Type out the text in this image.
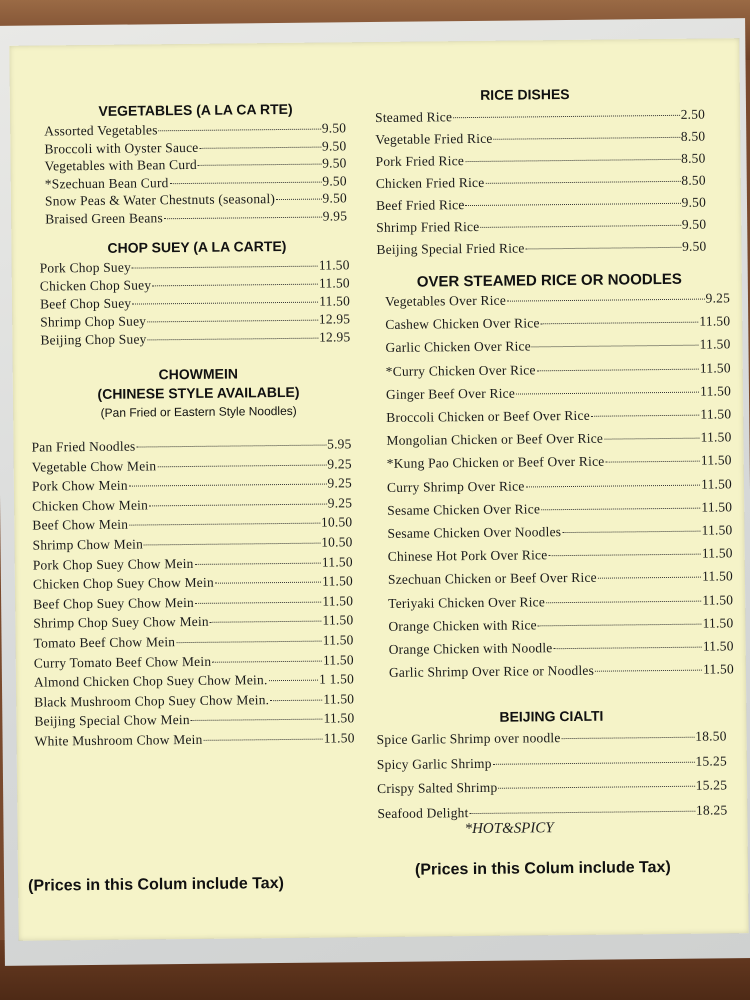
VEGETABLES (A LA CA RTE)
Assorted Vegetables	9.50
Broccoli with Oyster Sauce	9.50
Vegetables with Bean Curd	9.50
*Szechuan Bean Curd	9.50
Snow Peas & Water Chestnuts (seasonal)	9.50
Braised Green Beans	9.95
CHOP SUEY (A LA CARTE)
Pork Chop Suey	11.50
Chicken Chop Suey	11.50
Beef Chop Suey	11.50
Shrimp Chop Suey	12.95
Beijing Chop Suey	12.95
CHOWMEIN
(CHINESE STYLE AVAILABLE)
(Pan Fried or Eastern Style Noodles)
Pan Fried Noodles	5.95
Vegetable Chow Mein	9.25
Pork Chow Mein	9.25
Chicken Chow Mein	9.25
Beef Chow Mein	10.50
Shrimp Chow Mein	10.50
Pork Chop Suey Chow Mein	11.50
Chicken Chop Suey Chow Mein	11.50
Beef Chop Suey Chow Mein	11.50
Shrimp Chop Suey Chow Mein	11.50
Tomato Beef Chow Mein	11.50
Curry Tomato Beef Chow Mein	11.50
Almond Chicken Chop Suey Chow Mein.	1 1.50
Black Mushroom Chop Suey Chow Mein.	11.50
Beijing Special Chow Mein	11.50
White Mushroom Chow Mein	11.50
(Prices in this Colum include Tax)
RICE DISHES
Steamed Rice	2.50
Vegetable Fried Rice	8.50
Pork Fried Rice	8.50
Chicken Fried Rice	8.50
Beef Fried Rice	9.50
Shrimp Fried Rice	9.50
Beijing Special Fried Rice	9.50
OVER STEAMED RICE OR NOODLES
Vegetables Over Rice	9.25
Cashew Chicken Over Rice	11.50
Garlic Chicken Over Rice	11.50
*Curry Chicken Over Rice	11.50
Ginger Beef Over Rice	11.50
Broccoli Chicken or Beef Over Rice	11.50
Mongolian Chicken or Beef Over Rice	11.50
*Kung Pao Chicken or Beef Over Rice	11.50
Curry Shrimp Over Rice	11.50
Sesame Chicken Over Rice	11.50
Sesame Chicken Over Noodles	11.50
Chinese Hot Pork Over Rice	11.50
Szechuan Chicken or Beef Over Rice	11.50
Teriyaki Chicken Over Rice	11.50
Orange Chicken with Rice	11.50
Orange Chicken with Noodle	11.50
Garlic Shrimp Over Rice or Noodles	11.50
BEIJING CIALTI
Spice Garlic Shrimp over noodle	18.50
Spicy Garlic Shrimp	15.25
Crispy Salted Shrimp	15.25
Seafood Delight	18.25
*HOT&SPICY
(Prices in this Colum include Tax)
